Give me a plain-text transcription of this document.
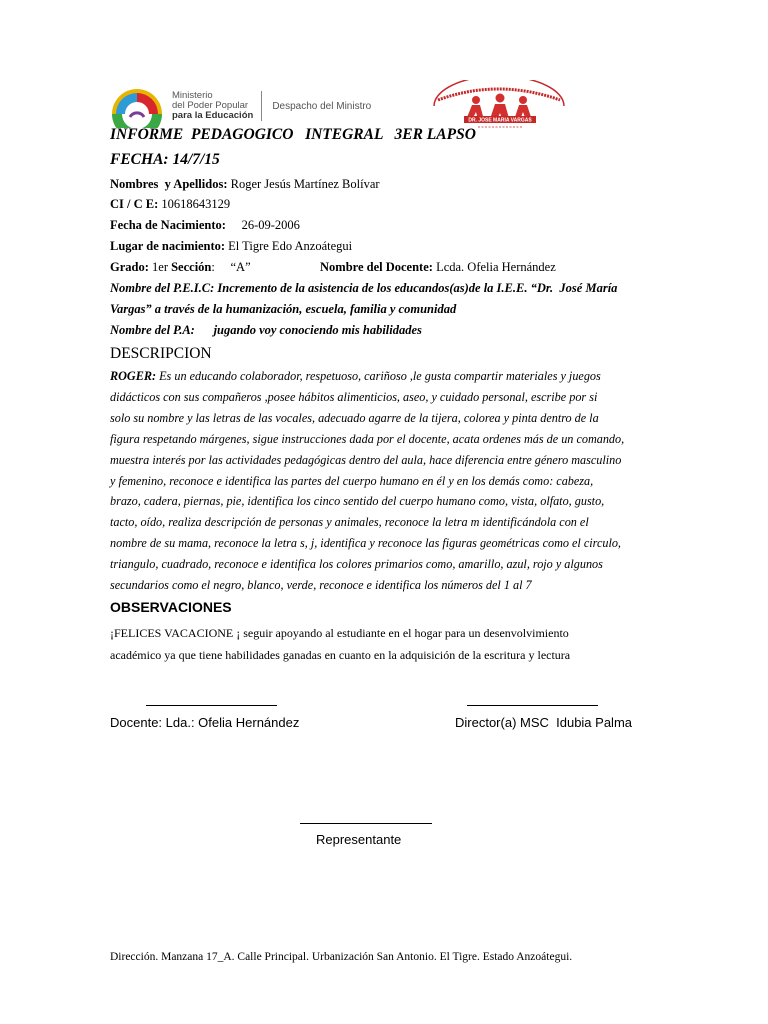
Ministerio
del Poder Popular
para la Educación
Despacho del Ministro
DR. JOSE MARIA VARGAS
INFORME  PEDAGOGICO   INTEGRAL   3ER LAPSO
FECHA: 14/7/15
Nombres  y Apellidos: Roger Jesús Martínez Bolívar
CI / C E: 10618643129
Fecha de Nacimiento:     26-09-2006
Lugar de nacimiento: El Tigre Edo Anzoátegui
Grado: 1er Sección:     “A”	Nombre del Docente: Lcda. Ofelia Hernández
Nombre del P.E.I.C: Incremento de la asistencia de los educandos(as)de la I.E.E. “Dr.  José María
Vargas” a través de la humanización, escuela, familia y comunidad
Nombre del P.A:      jugando voy conociendo mis habilidades
DESCRIPCION
ROGER: Es un educando colaborador, respetuoso, cariñoso ,le gusta compartir materiales y juegos
didácticos con sus compañeros ,posee hábitos alimenticios, aseo, y cuidado personal, escribe por si
solo su nombre y las letras de las vocales, adecuado agarre de la tijera, colorea y pinta dentro de la
figura respetando márgenes, sigue instrucciones dada por el docente, acata ordenes más de un comando,
muestra interés por las actividades pedagógicas dentro del aula, hace diferencia entre género masculino
y femenino, reconoce e identifica las partes del cuerpo humano en él y en los demás como: cabeza,
brazo, cadera, piernas, pie, identifica los cinco sentido del cuerpo humano como, vista, olfato, gusto,
tacto, oído, realiza descripción de personas y animales, reconoce la letra m identificándola con el
nombre de su mama, reconoce la letra s, j, identifica y reconoce las figuras geométricas como el circulo,
triangulo, cuadrado, reconoce e identifica los colores primarios como, amarillo, azul, rojo y algunos
secundarios como el negro, blanco, verde, reconoce e identifica los números del 1 al 7
OBSERVACIONES
¡FELICES VACACIONE ¡ seguir apoyando al estudiante en el hogar para un desenvolvimiento
académico ya que tiene habilidades ganadas en cuanto en la adquisición de la escritura y lectura
Docente: Lda.: Ofelia Hernández	Director(a) MSC  Idubia Palma
Representante
Dirección. Manzana 17_A. Calle Principal. Urbanización San Antonio. El Tigre. Estado Anzoátegui.
